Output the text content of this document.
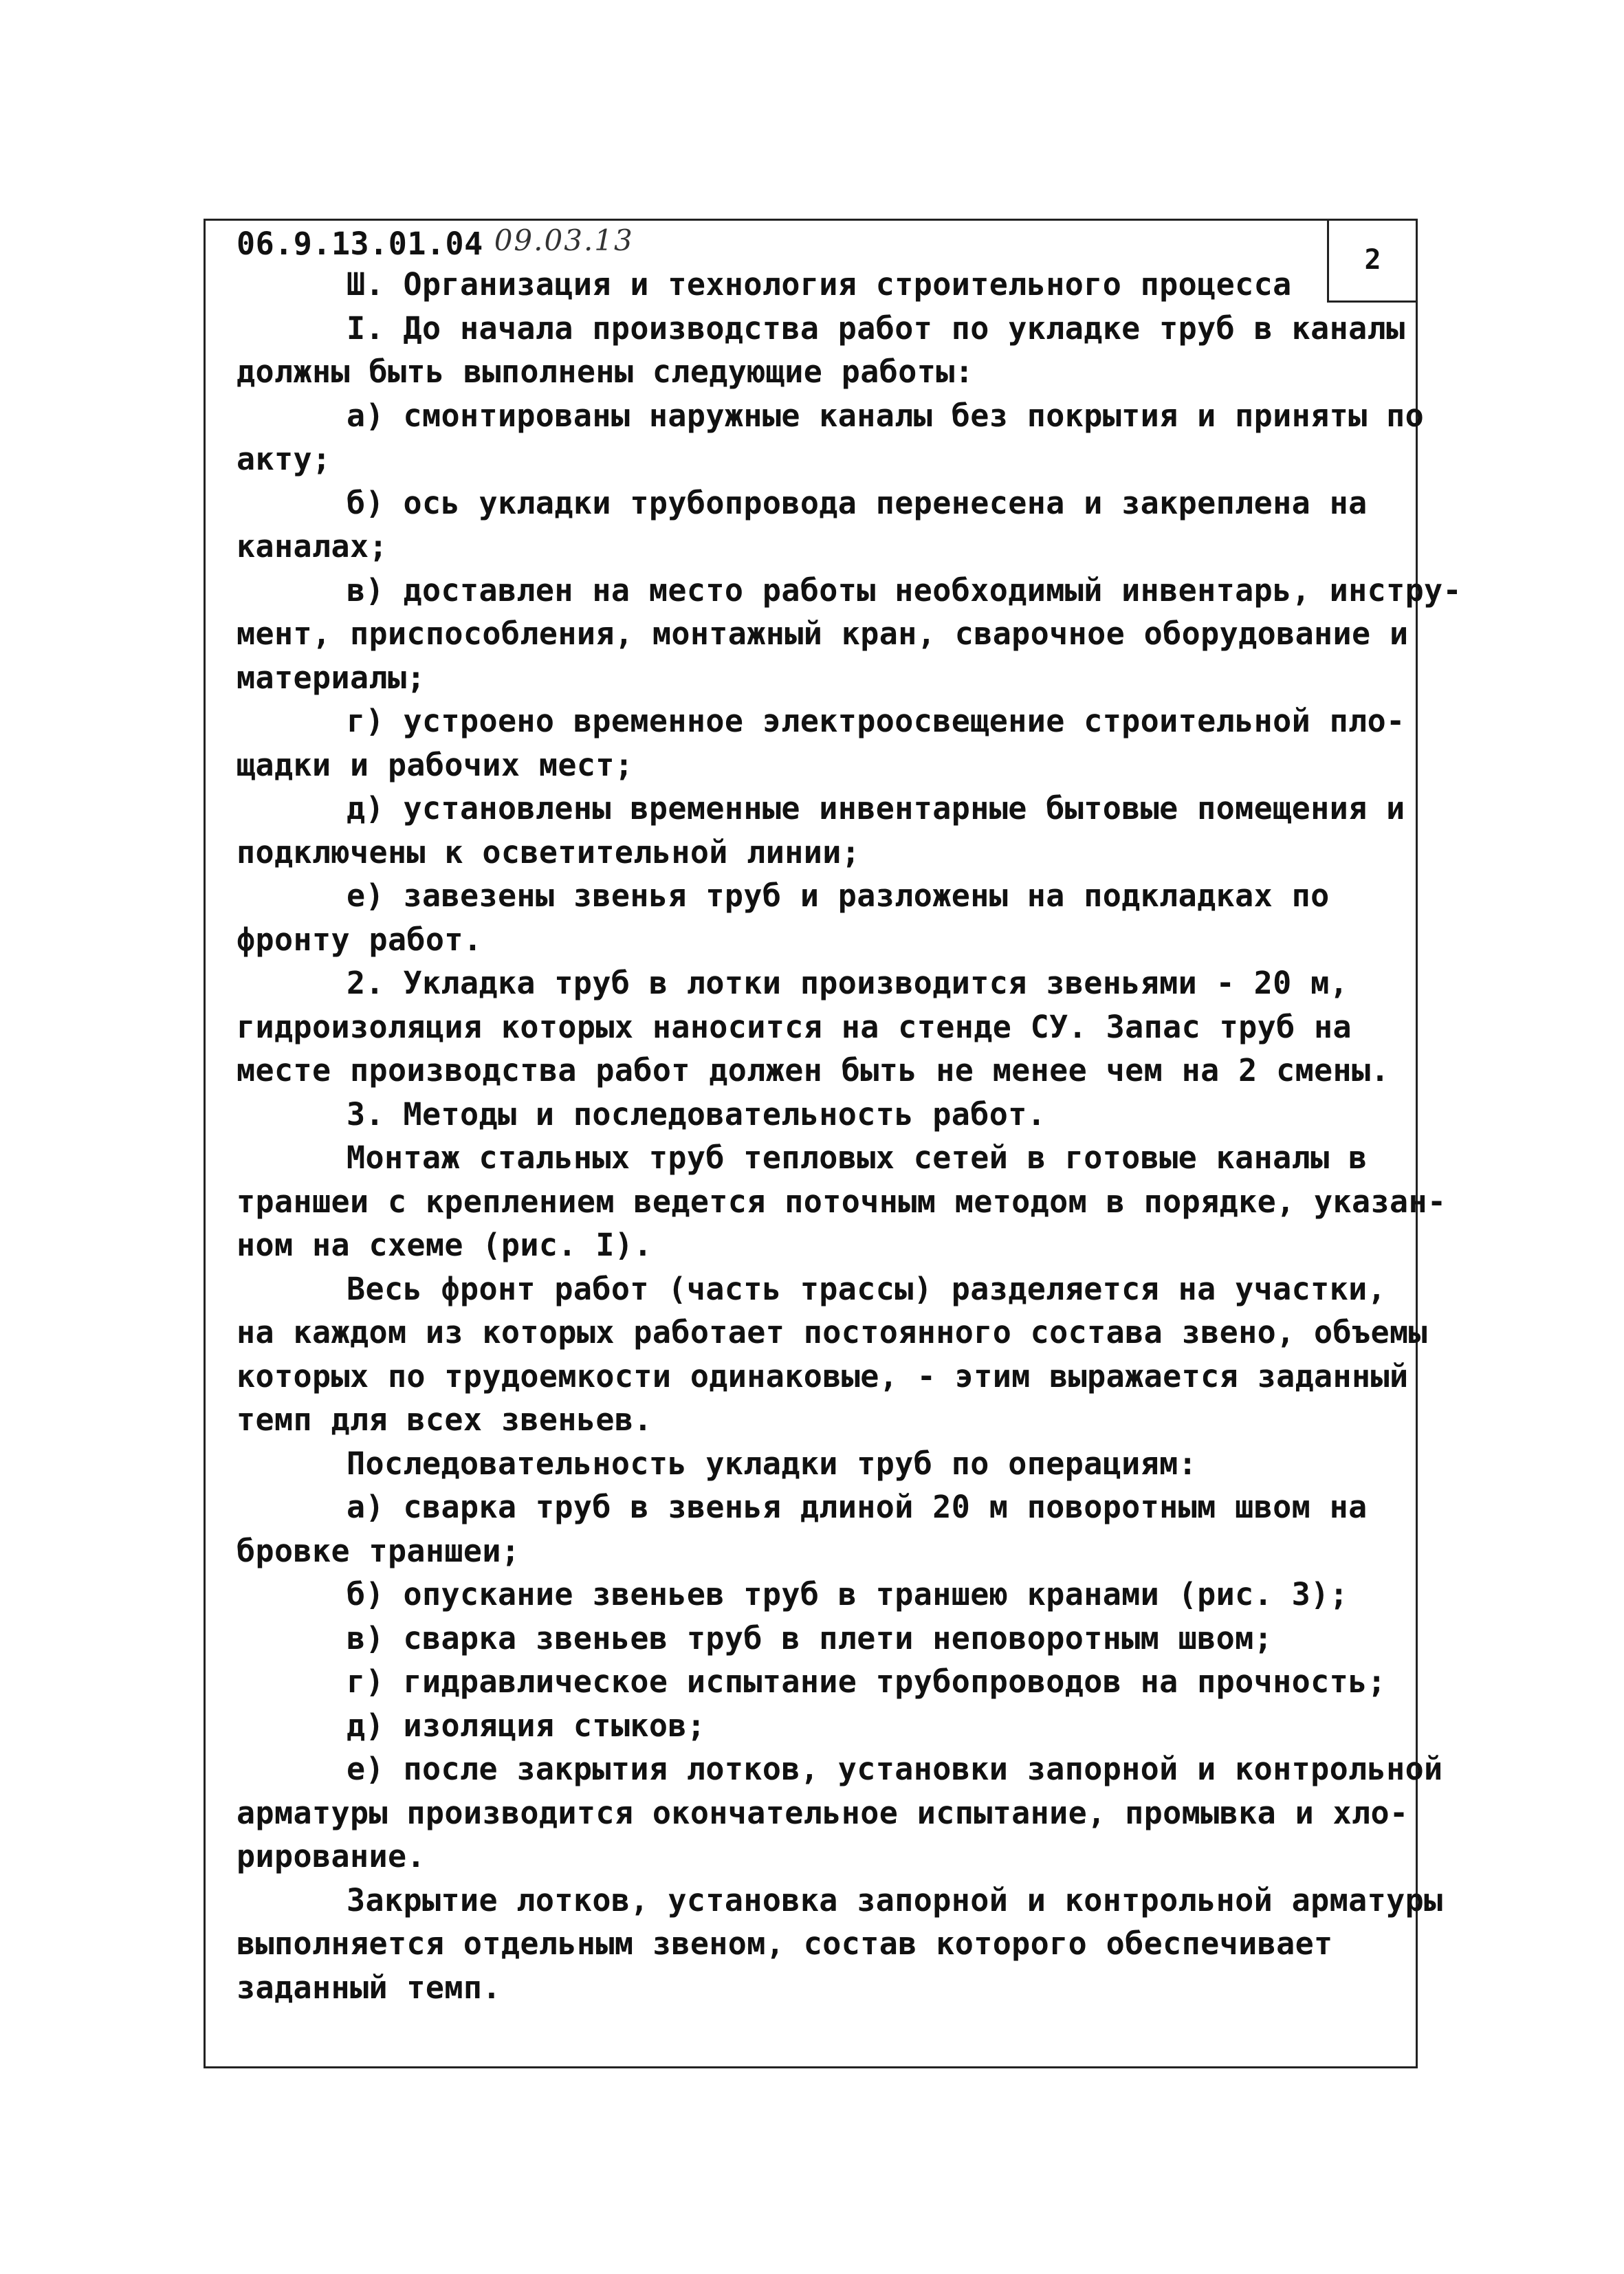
2
06.9.13.01.04 09.03.13
Ш. Организация и технология строительного процесса
I. До начала производства работ по укладке труб в каналы
должны быть выполнены следующие работы:
а) смонтированы наружные каналы без покрытия и приняты по
акту;
б) ось укладки трубопровода перенесена и закреплена на
каналах;
в) доставлен на место работы необходимый инвентарь, инстру-
мент, приспособления, монтажный кран, сварочное оборудование и
материалы;
г) устроено временное электроосвещение строительной пло-
щадки и рабочих мест;
д) установлены временные инвентарные бытовые помещения и
подключены к осветительной линии;
е) завезены звенья труб и разложены на подкладках по
фронту работ.
2. Укладка труб в лотки производится звеньями - 20 м,
гидроизоляция которых наносится на стенде СУ. Запас труб на
месте производства работ должен быть не менее чем на 2 смены.
3. Методы и последовательность работ.
Монтаж стальных труб тепловых сетей в готовые каналы в
траншеи с креплением ведется поточным методом в порядке, указан-
ном на схеме (рис. I).
Весь фронт работ (часть трассы) разделяется на участки,
на каждом из которых работает постоянного состава звено, объемы
которых по трудоемкости одинаковые, - этим выражается заданный
темп для всех звеньев.
Последовательность укладки труб по операциям:
а) сварка труб в звенья длиной 20 м поворотным швом на
бровке траншеи;
б) опускание звеньев труб в траншею кранами (рис. 3);
в) сварка звеньев труб в плети неповоротным швом;
г) гидравлическое испытание трубопроводов на прочность;
д) изоляция стыков;
е) после закрытия лотков, установки запорной и контрольной
арматуры производится окончательное испытание, промывка и хло-
рирование.
Закрытие лотков, установка запорной и контрольной арматуры
выполняется отдельным звеном, состав которого обеспечивает
заданный темп.
